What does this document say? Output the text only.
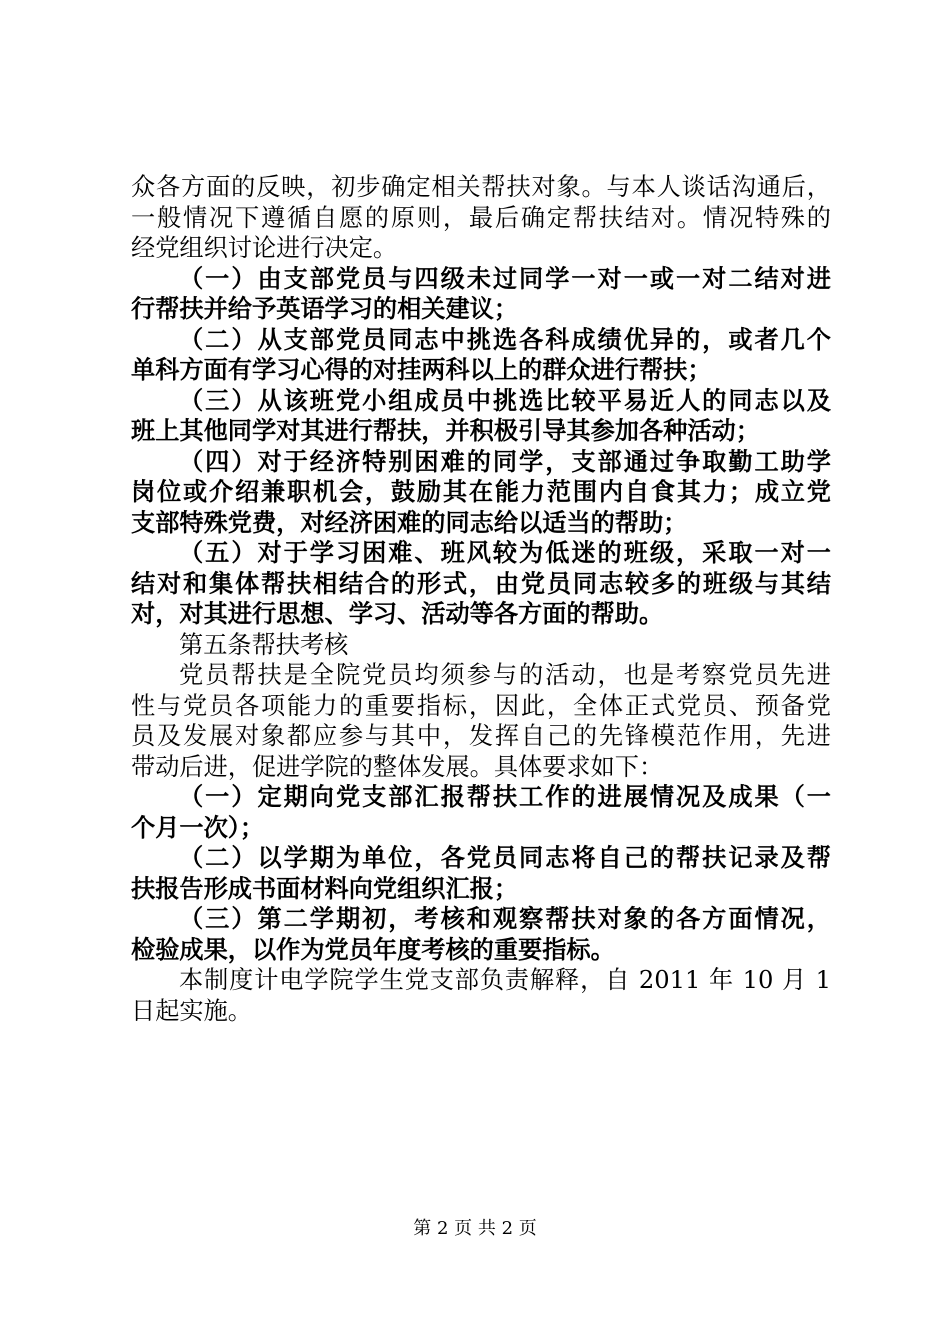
众各方面的反映，初步确定相关帮扶对象。与本人谈话沟通后，
一般情况下遵循自愿的原则，最后确定帮扶结对。情况特殊的
经党组织讨论进行决定。
（一）由支部党员与四级未过同学一对一或一对二结对进
行帮扶并给予英语学习的相关建议；
（二）从支部党员同志中挑选各科成绩优异的，或者几个
单科方面有学习心得的对挂两科以上的群众进行帮扶；
（三）从该班党小组成员中挑选比较平易近人的同志以及
班上其他同学对其进行帮扶，并积极引导其参加各种活动；
（四）对于经济特别困难的同学，支部通过争取勤工助学
岗位或介绍兼职机会，鼓励其在能力范围内自食其力；成立党
支部特殊党费，对经济困难的同志给以适当的帮助；
（五）对于学习困难、班风较为低迷的班级，采取一对一
结对和集体帮扶相结合的形式，由党员同志较多的班级与其结
对，对其进行思想、学习、活动等各方面的帮助。
第五条帮扶考核
党员帮扶是全院党员均须参与的活动，也是考察党员先进
性与党员各项能力的重要指标，因此，全体正式党员、预备党
员及发展对象都应参与其中，发挥自己的先锋模范作用，先进
带动后进，促进学院的整体发展。具体要求如下：
（一）定期向党支部汇报帮扶工作的进展情况及成果（一
个月一次）；
（二）以学期为单位，各党员同志将自己的帮扶记录及帮
扶报告形成书面材料向党组织汇报；
（三）第二学期初，考核和观察帮扶对象的各方面情况，
检验成果，以作为党员年度考核的重要指标。
本制度计电学院学生党支部负责解释，自 2011 年 10 月 1
日起实施。
第 2 页 共 2 页
